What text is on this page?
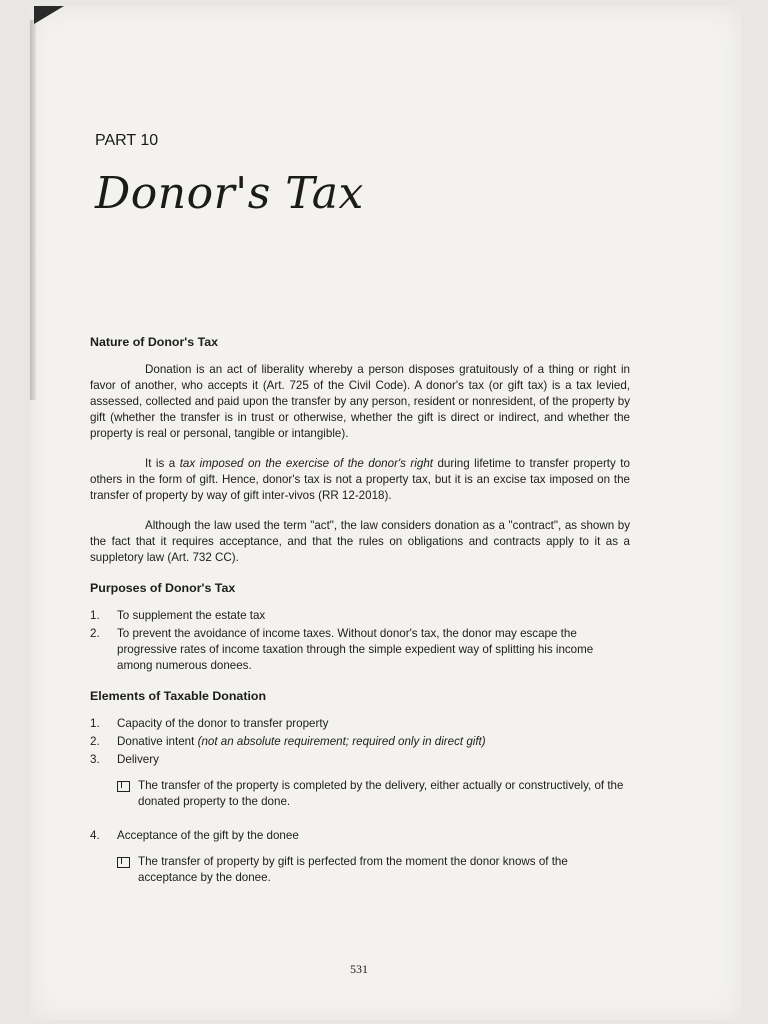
PART 10
Donor's Tax
Nature of Donor's Tax

Donation is an act of liberality whereby a person disposes gratuitously of a thing or right in favor of another, who accepts it (Art. 725 of the Civil Code). A donor's tax (or gift tax) is a tax levied, assessed, collected and paid upon the transfer by any person, resident or nonresident, of the property by gift (whether the transfer is in trust or otherwise, whether the gift is direct or indirect, and whether the property is real or personal, tangible or intangible).

It is a tax imposed on the exercise of the donor's right during lifetime to transfer property to others in the form of gift. Hence, donor's tax is not a property tax, but it is an excise tax imposed on the transfer of property by way of gift inter-vivos (RR 12-2018).

Although the law used the term "act", the law considers donation as a "contract", as shown by the fact that it requires acceptance, and that the rules on obligations and contracts apply to it as a suppletory law (Art. 732 CC).

Purposes of Donor's Tax
1.	To supplement the estate tax
2.	To prevent the avoidance of income taxes. Without donor's tax, the donor may escape the progressive rates of income taxation through the simple expedient way of splitting his income among numerous donees.
Elements of Taxable Donation
1.	Capacity of the donor to transfer property
2.	Donative intent (not an absolute requirement; required only in direct gift)
3.	Delivery
The transfer of the property is completed by the delivery, either actually or constructively, of the donated property to the done.
4.	Acceptance of the gift by the donee
The transfer of property by gift is perfected from the moment the donor knows of the acceptance by the donee.
531
